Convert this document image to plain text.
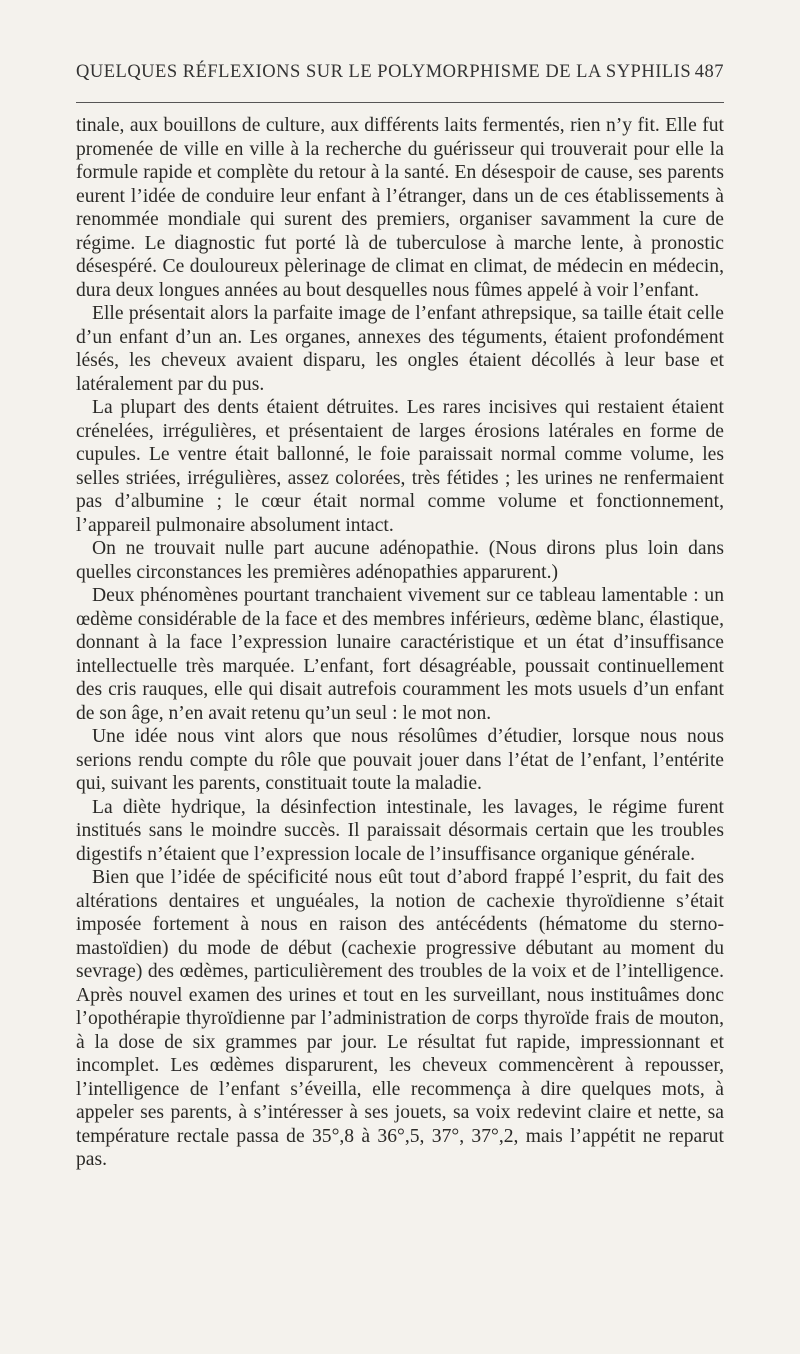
QUELQUES RÉFLEXIONS SUR LE POLYMORPHISME DE LA SYPHILIS 487

tinale, aux bouillons de culture, aux différents laits fermentés, rien n’y fit. Elle fut promenée de ville en ville à la recherche du guérisseur qui trouverait pour elle la formule rapide et complète du retour à la santé. En désespoir de cause, ses parents eurent l’idée de conduire leur enfant à l’étranger, dans un de ces établissements à renommée mondiale qui surent des premiers, organiser savamment la cure de régime. Le diagnostic fut porté là de tuberculose à marche lente, à pronostic désespéré. Ce douloureux pèlerinage de climat en climat, de médecin en médecin, dura deux longues années au bout desquelles nous fûmes appelé à voir l’enfant.

Elle présentait alors la parfaite image de l’enfant athrepsique, sa taille était celle d’un enfant d’un an. Les organes, annexes des téguments, étaient profondément lésés, les cheveux avaient disparu, les ongles étaient décollés à leur base et latéralement par du pus.

La plupart des dents étaient détruites. Les rares incisives qui restaient étaient crénelées, irrégulières, et présentaient de larges érosions latérales en forme de cupules. Le ventre était ballonné, le foie paraissait normal comme volume, les selles striées, irrégulières, assez colorées, très fétides ; les urines ne renfermaient pas d’albumine ; le cœur était normal comme volume et fonctionnement, l’appareil pulmonaire absolument intact.

On ne trouvait nulle part aucune adénopathie. (Nous dirons plus loin dans quelles circonstances les premières adénopathies apparurent.)

Deux phénomènes pourtant tranchaient vivement sur ce tableau lamentable : un œdème considérable de la face et des membres inférieurs, œdème blanc, élastique, donnant à la face l’expression lunaire caractéristique et un état d’insuffisance intellectuelle très marquée. L’enfant, fort désagréable, poussait continuellement des cris rauques, elle qui disait autrefois couramment les mots usuels d’un enfant de son âge, n’en avait retenu qu’un seul : le mot non.

Une idée nous vint alors que nous résolûmes d’étudier, lorsque nous nous serions rendu compte du rôle que pouvait jouer dans l’état de l’enfant, l’entérite qui, suivant les parents, constituait toute la maladie.

La diète hydrique, la désinfection intestinale, les lavages, le régime furent institués sans le moindre succès. Il paraissait désormais certain que les troubles digestifs n’étaient que l’expression locale de l’insuffisance organique générale.

Bien que l’idée de spécificité nous eût tout d’abord frappé l’esprit, du fait des altérations dentaires et unguéales, la notion de cachexie thyroïdienne s’était imposée fortement à nous en raison des antécédents (hématome du sterno-mastoïdien) du mode de début (cachexie progressive débutant au moment du sevrage) des œdèmes, particulièrement des troubles de la voix et de l’intelligence. Après nouvel examen des urines et tout en les surveillant, nous instituâmes donc l’opothérapie thyroïdienne par l’administration de corps thyroïde frais de mouton, à la dose de six grammes par jour. Le résultat fut rapide, impressionnant et incomplet. Les œdèmes disparurent, les cheveux commencèrent à repousser, l’intelligence de l’enfant s’éveilla, elle recommença à dire quelques mots, à appeler ses parents, à s’intéresser à ses jouets, sa voix redevint claire et nette, sa température rectale passa de 35°,8 à 36°,5, 37°, 37°,2, mais l’appétit ne reparut pas.
